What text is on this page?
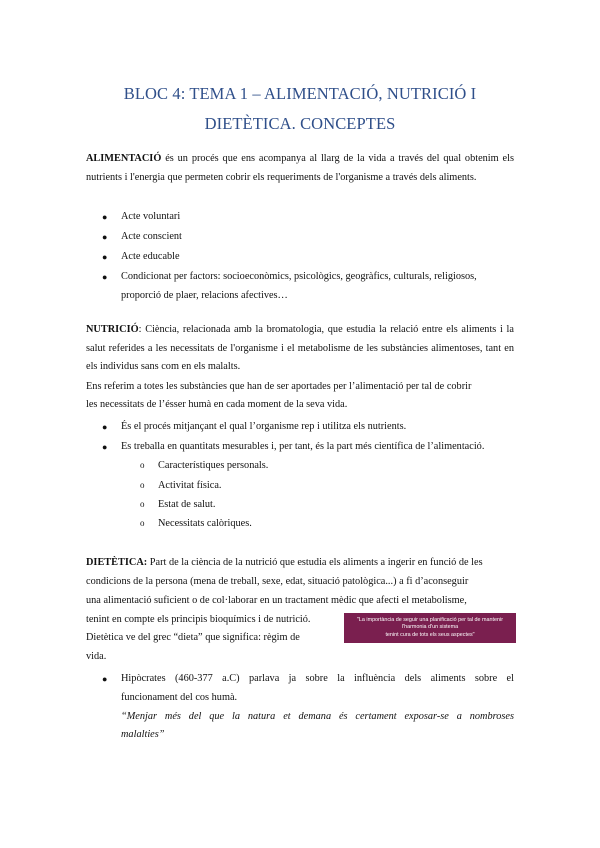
BLOC 4: TEMA 1 – ALIMENTACIÓ, NUTRICIÓ I
DIETÈTICA. CONCEPTES

ALIMENTACIÓ és un procés que ens acompanya al llarg de la vida a través del qual obtenim els nutrients i l'energia que permeten cobrir els requeriments de l'organisme a través dels aliments.

● Acte voluntari
● Acte conscient
● Acte educable
● Condicionat per factors: socioeconòmics, psicològics, geogràfics, culturals, religiosos,
proporció de plaer, relacions afectives…

NUTRICIÓ: Ciència, relacionada amb la bromatologia, que estudia la relació entre els aliments i la salut referides a les necessitats de l'organisme i el metabolisme de les substàncies alimentoses, tant en els individus sans com en els malalts.

Ens referim a totes les substàncies que han de ser aportades per l’alimentació per tal de cobrir
les necessitats de l’ésser humà en cada moment de la seva vida.
● És el procés mitjançant el qual l’organisme rep i utilitza els nutrients.
● Es treballa en quantitats mesurables i, per tant, és la part més científica de l’alimentació.
o Característiques personals.
o Activitat física.
o Estat de salut.
o Necessitats calòriques.
DIETÈTICA: Part de la ciència de la nutrició que estudia els aliments a ingerir en funció de les
condicions de la persona (mena de treball, sexe, edat, situació patològica...) a fi d’aconseguir
una alimentació suficient o de col·laborar en un tractament mèdic que afecti el metabolisme,
tenint en compte els principis bioquímics i de nutrició.
Dietètica ve del grec “dieta” que significa: règim de
vida.
"La importància de seguir una planificació per tal de mantenir
l'harmonia d'un sistema
tenint cura de tots els seus aspectes"
● Hipòcrates (460-377 a.C) parlava ja sobre la influència dels aliments sobre el
funcionament del cos humà.
“Menjar més del que la natura et demana és certament exposar-se a nombroses
malalties”
